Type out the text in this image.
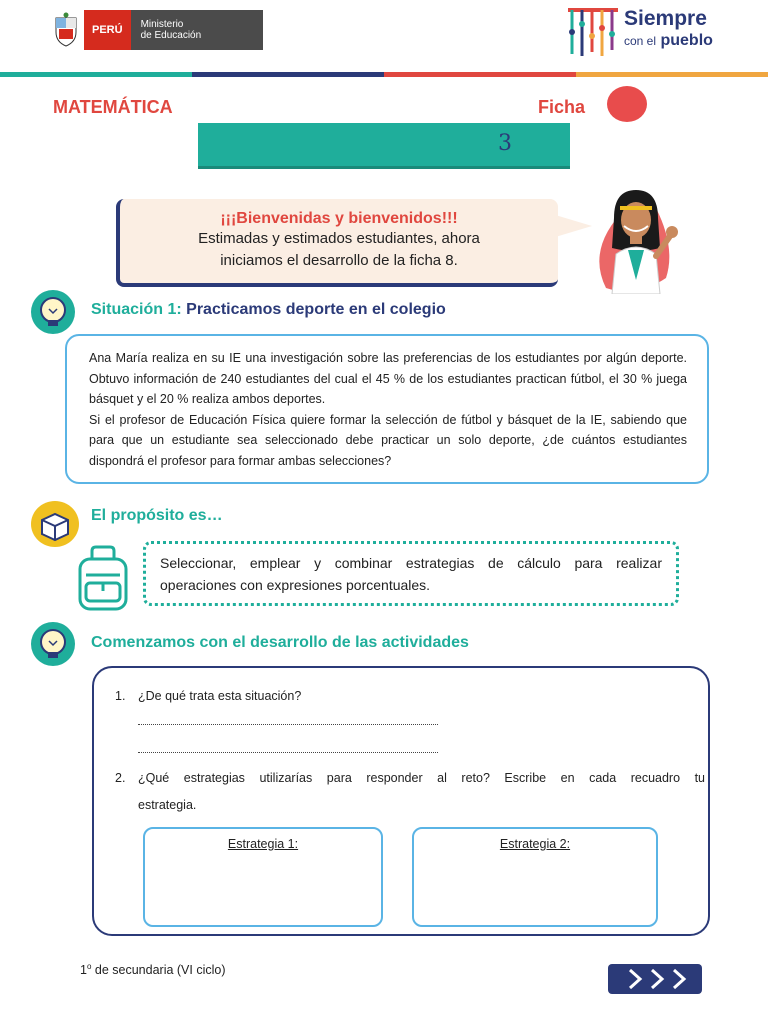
PERÚ	Ministerio
de Educación
Siempre
con el pueblo
MATEMÁTICA	Ficha
3
¡¡¡Bienvenidas y bienvenidos!!!

Estimadas y estimados estudiantes, ahora

iniciamos el desarrollo de la ficha 8.

Situación 1: Practicamos deporte en el colegio

Ana María realiza en su IE una investigación sobre las preferencias de los estudiantes por algún deporte. Obtuvo información de 240 estudiantes del cual el 45 % de los estudiantes practican fútbol, el 30 % juega básquet y el 20 % realiza ambos deportes.

Si el profesor de Educación Física quiere formar la selección de fútbol y básquet de la IE, sabiendo que para que un estudiante sea seleccionado debe practicar un solo deporte, ¿de cuántos estudiantes dispondrá el profesor para formar ambas selecciones?

El propósito es…

Seleccionar, emplear y combinar estrategias de cálculo para realizar operaciones con expresiones porcentuales.

Comenzamos con el desarrollo de las actividades
1. ¿De qué trata esta situación?
2. ¿Qué estrategias utilizarías para responder al reto? Escribe en cada recuadro tu
estrategia.
Estrategia 1:	Estrategia 2:
1$^o$ de secundaria (VI ciclo)
